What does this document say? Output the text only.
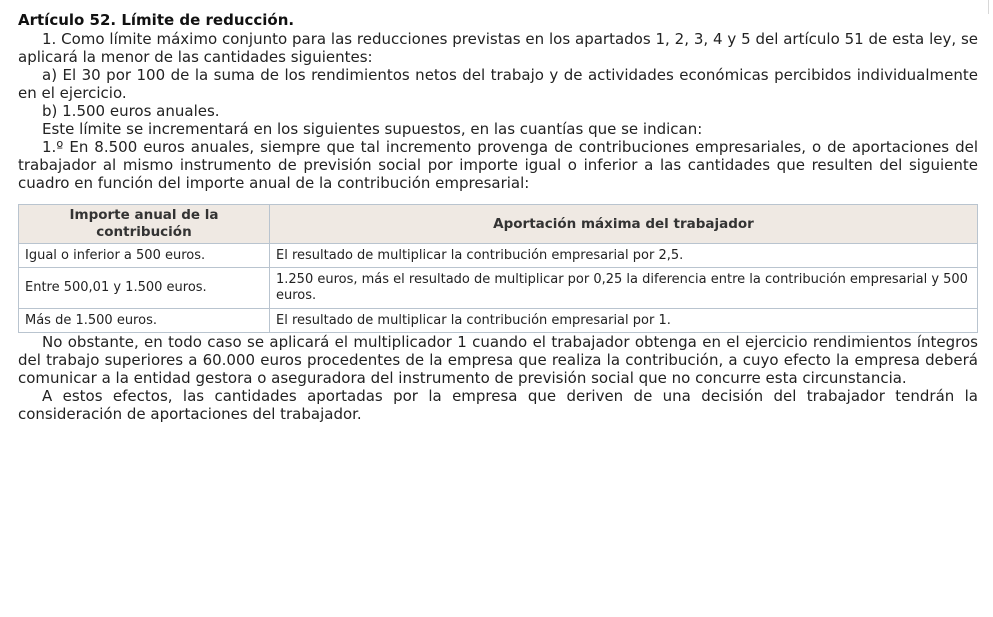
Artículo 52. Límite de reducción.

1. Como límite máximo conjunto para las reducciones previstas en los apartados 1, 2, 3, 4 y 5 del artículo 51 de esta ley, se aplicará la menor de las cantidades siguientes:

a) El 30 por 100 de la suma de los rendimientos netos del trabajo y de actividades económicas percibidos individualmente en el ejercicio.

b) 1.500 euros anuales.

Este límite se incrementará en los siguientes supuestos, en las cuantías que se indican:

1.º En 8.500 euros anuales, siempre que tal incremento provenga de contribuciones empresariales, o de aportaciones del trabajador al mismo instrumento de previsión social por importe igual o inferior a las cantidades que resulten del siguiente cuadro en función del importe anual de la contribución empresarial:

Importe anual de la contribución	Aportación máxima del trabajador
Igual o inferior a 500 euros.	El resultado de multiplicar la contribución empresarial por 2,5.
Entre 500,01 y 1.500 euros.	1.250 euros, más el resultado de multiplicar por 0,25 la diferencia entre la contribución empresarial y 500 euros.
Más de 1.500 euros.	El resultado de multiplicar la contribución empresarial por 1.

No obstante, en todo caso se aplicará el multiplicador 1 cuando el trabajador obtenga en el ejercicio rendimientos íntegros del trabajo superiores a 60.000 euros procedentes de la empresa que realiza la contribución, a cuyo efecto la empresa deberá comunicar a la entidad gestora o aseguradora del instrumento de previsión social que no concurre esta circunstancia.

A estos efectos, las cantidades aportadas por la empresa que deriven de una decisión del trabajador tendrán la consideración de aportaciones del trabajador.
